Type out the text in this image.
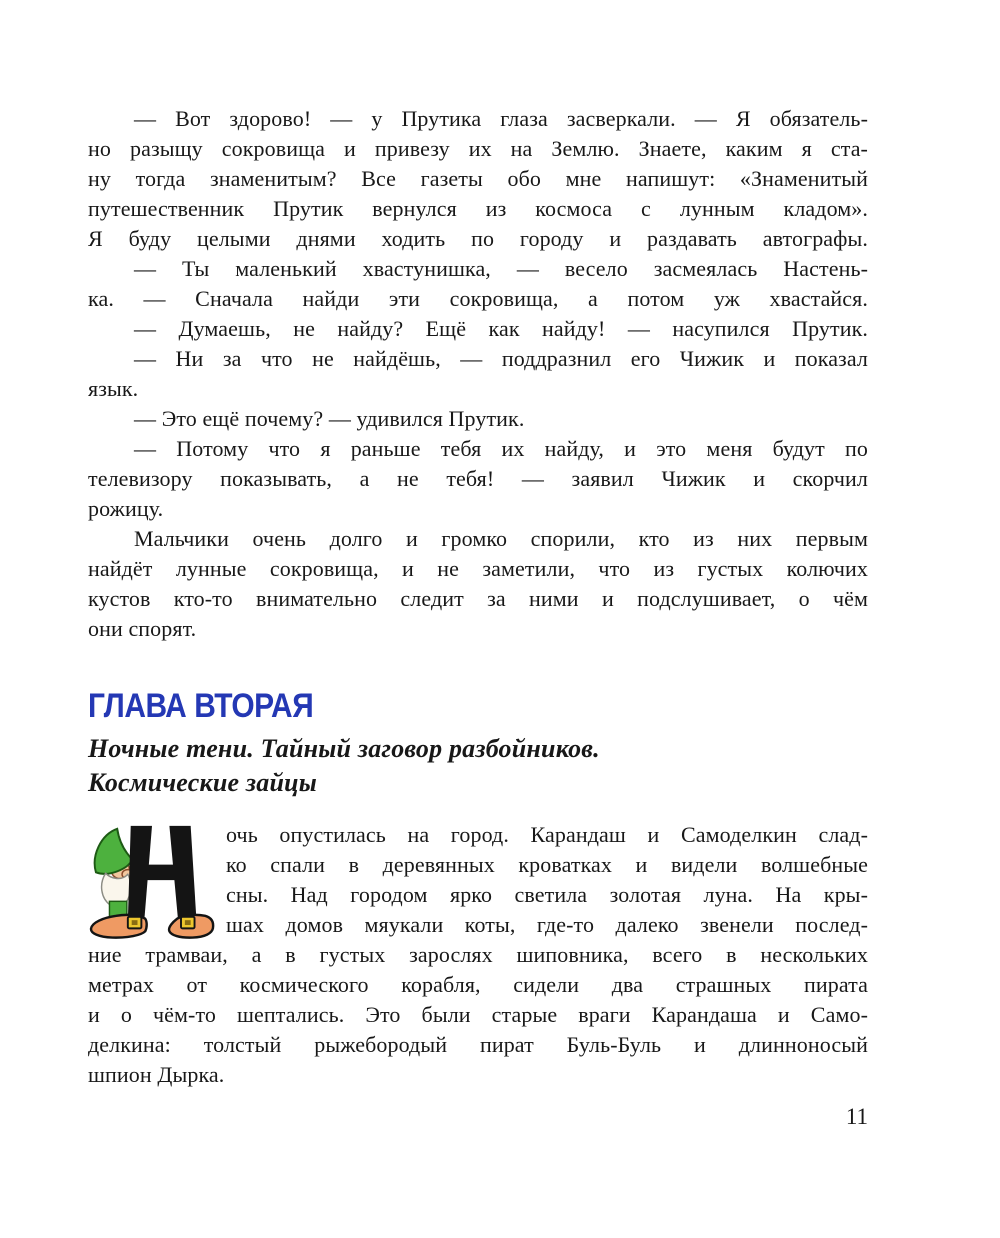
— Вот здорово! — у Прутика глаза засверкали. — Я обязатель-
но разыщу сокровища и привезу их на Землю. Знаете, каким я ста-
ну тогда знаменитым? Все газеты обо мне напишут: «Знаменитый
путешественник Прутик вернулся из космоса с лунным кладом».
Я буду целыми днями ходить по городу и раздавать автографы.
— Ты маленький хвастунишка, — весело засмеялась Настень-
ка. — Сначала найди эти сокровища, а потом уж хвастайся.
— Думаешь, не найду? Ещё как найду! — насупился Прутик.
— Ни за что не найдёшь, — поддразнил его Чижик и показал
язык.
— Это ещё почему? — удивился Прутик.
— Потому что я раньше тебя их найду, и это меня будут по
телевизору показывать, а не тебя! — заявил Чижик и скорчил
рожицу.
Мальчики очень долго и громко спорили, кто из них первым
найдёт лунные сокровища, и не заметили, что из густых колючих
кустов кто-то внимательно следит за ними и подслушивает, о чём
они спорят.
ГЛАВА ВТОРАЯ
Ночные тени. Тайный заговор разбойников.
Космические зайцы
очь опустилась на город. Карандаш и Самоделкин слад-
ко спали в деревянных кроватках и видели волшебные
сны. Над городом ярко светила золотая луна. На кры-
шах домов мяукали коты, где-то далеко звенели послед-
ние трамваи, а в густых зарослях шиповника, всего в нескольких
метрах от космического корабля, сидели два страшных пирата
и о чём-то шептались. Это были старые враги Карандаша и Само-
делкина: толстый рыжебородый пират Буль-Буль и длинноносый
шпион Дырка.
11
